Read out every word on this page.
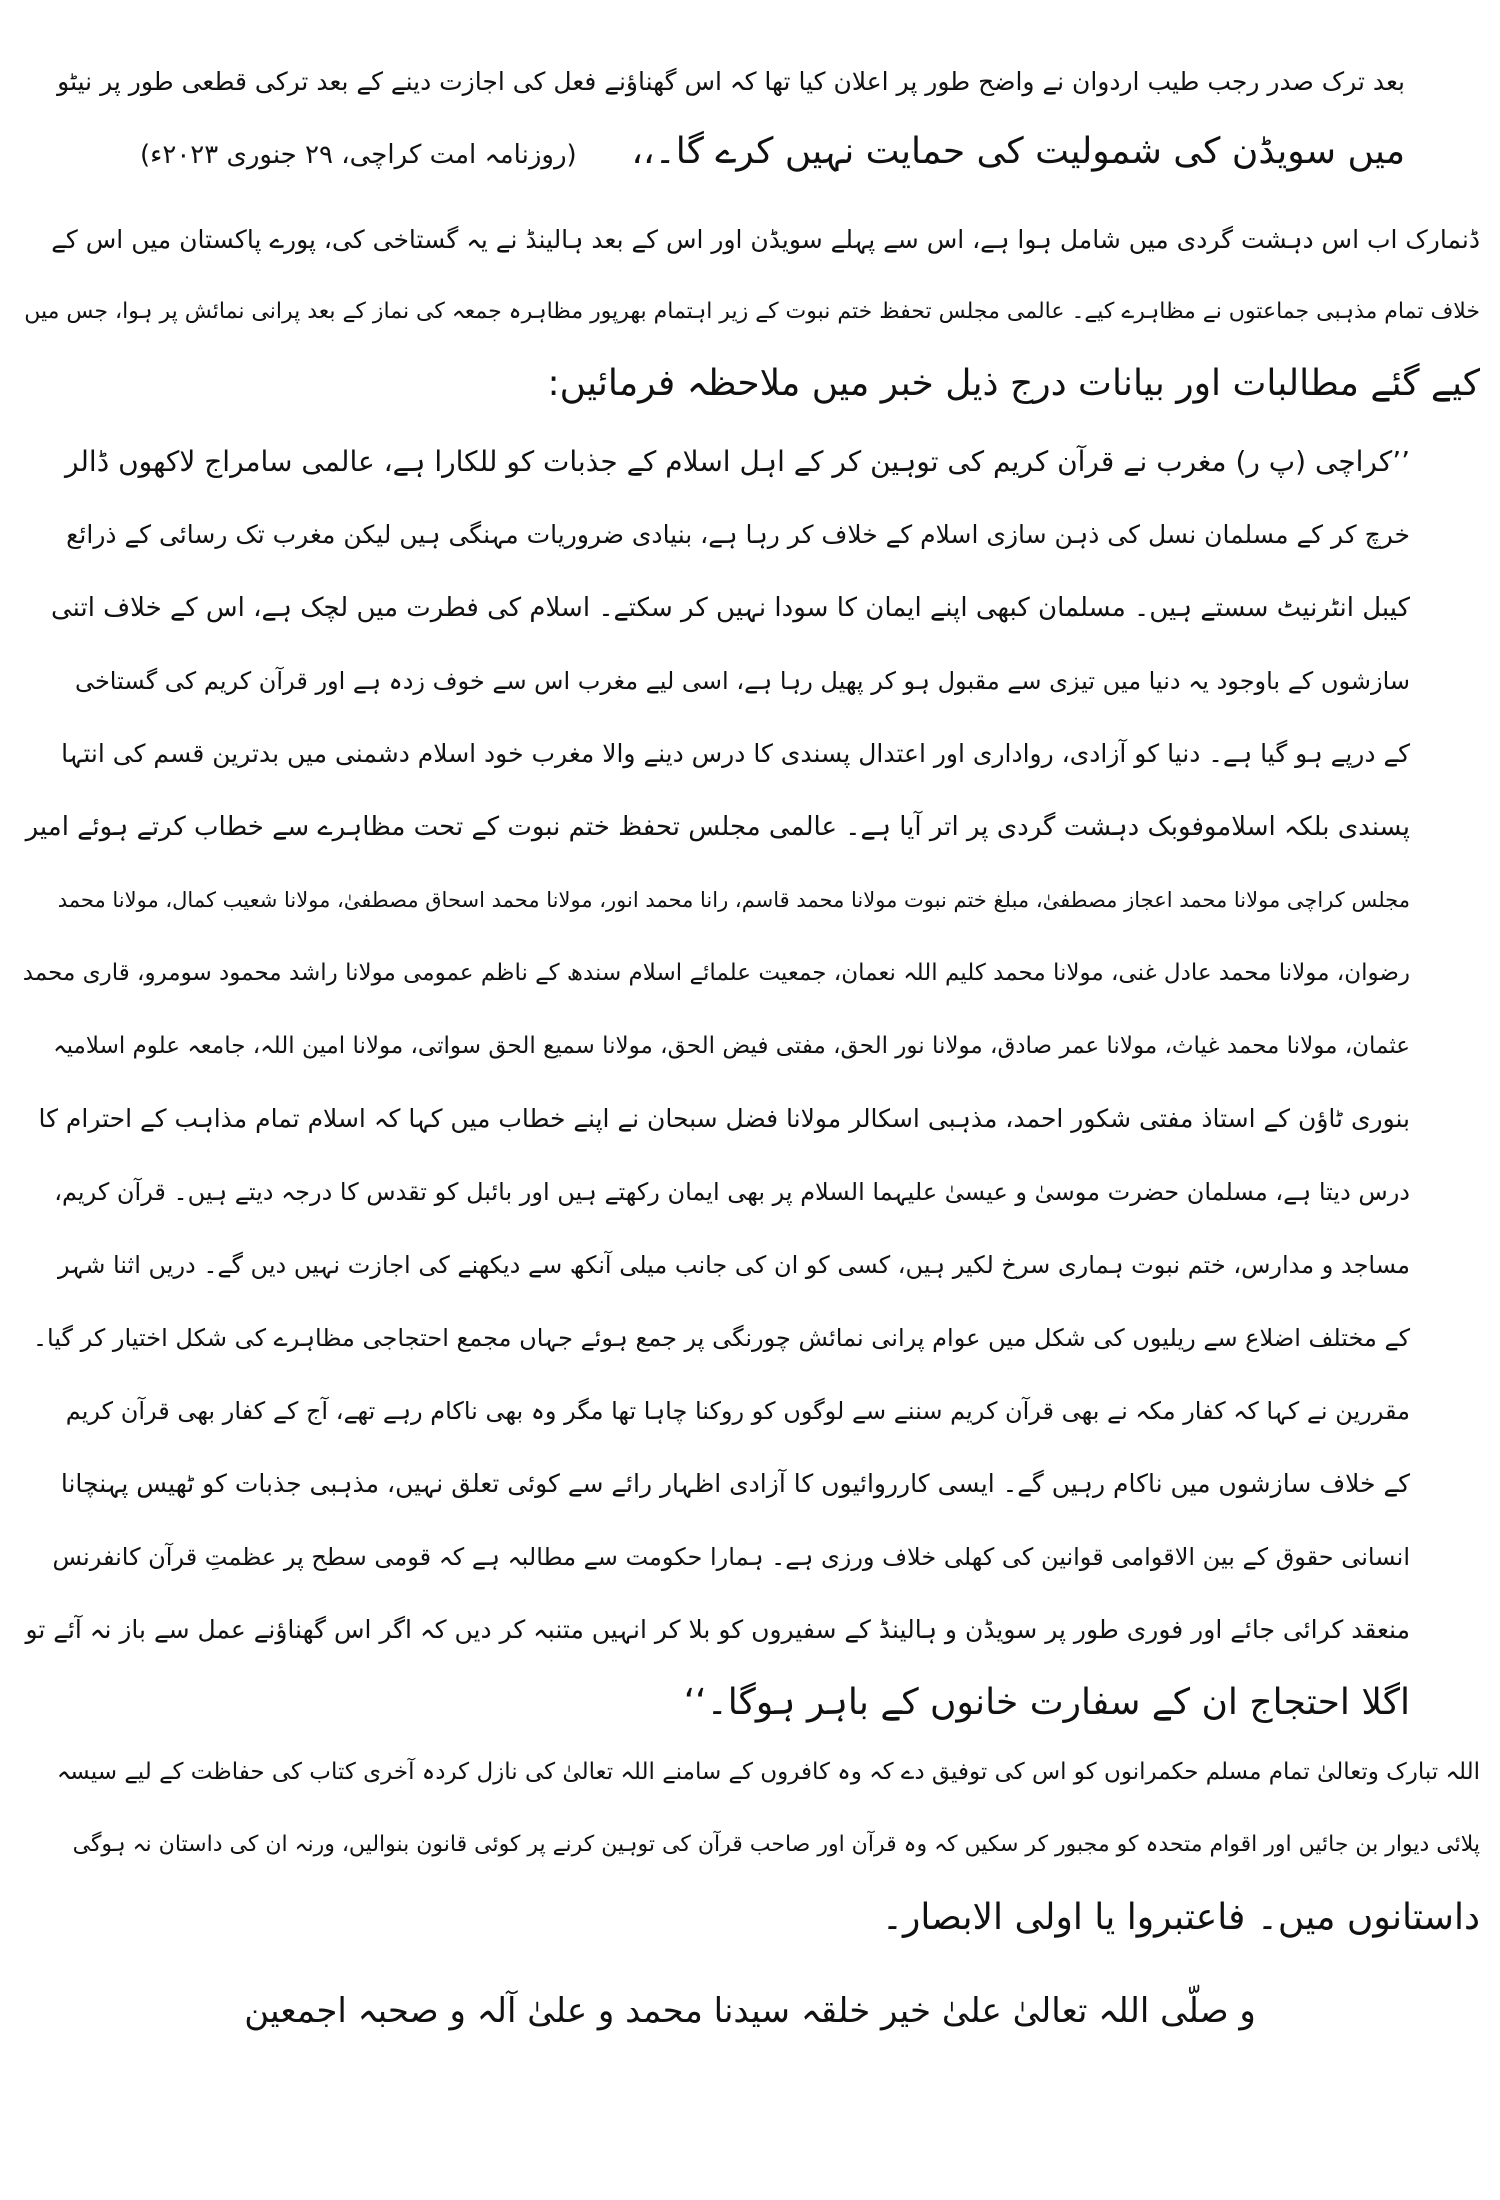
بعد ترک صدر رجب طیب اردوان نے واضح طور پر اعلان کیا تھا کہ اس گھناؤنے فعل کی اجازت دینے کے بعد ترکی قطعی طور پر نیٹو
میں سویڈن کی شمولیت کی حمایت نہیں کرے گا۔،،
(روزنامہ امت کراچی، ۲۹ جنوری ۲۰۲۳ء)
ڈنمارک اب اس دہشت گردی میں شامل ہوا ہے، اس سے پہلے سویڈن اور اس کے بعد ہالینڈ نے یہ گستاخی کی، پورے پاکستان میں اس کے
خلاف تمام مذہبی جماعتوں نے مظاہرے کیے۔ عالمی مجلس تحفظ ختم نبوت کے زیر اہتمام بھرپور مظاہرہ جمعہ کی نماز کے بعد پرانی نمائش پر ہوا، جس میں
کیے گئے مطالبات اور بیانات درج ذیل خبر میں ملاحظہ فرمائیں:
’’کراچی (پ ر) مغرب نے قرآن کریم کی توہین کر کے اہل اسلام کے جذبات کو للکارا ہے، عالمی سامراج لاکھوں ڈالر
خرچ کر کے مسلمان نسل کی ذہن سازی اسلام کے خلاف کر رہا ہے، بنیادی ضروریات مہنگی ہیں لیکن مغرب تک رسائی کے ذرائع
کیبل انٹرنیٹ سستے ہیں۔ مسلمان کبھی اپنے ایمان کا سودا نہیں کر سکتے۔ اسلام کی فطرت میں لچک ہے، اس کے خلاف اتنی
سازشوں کے باوجود یہ دنیا میں تیزی سے مقبول ہو کر پھیل رہا ہے، اسی لیے مغرب اس سے خوف زدہ ہے اور قرآن کریم کی گستاخی
کے درپے ہو گیا ہے۔ دنیا کو آزادی، رواداری اور اعتدال پسندی کا درس دینے والا مغرب خود اسلام دشمنی میں بدترین قسم کی انتہا
پسندی بلکہ اسلاموفوبک دہشت گردی پر اتر آیا ہے۔ عالمی مجلس تحفظ ختم نبوت کے تحت مظاہرے سے خطاب کرتے ہوئے امیر
مجلس کراچی مولانا محمد اعجاز مصطفیٰ، مبلغ ختم نبوت مولانا محمد قاسم، رانا محمد انور، مولانا محمد اسحاق مصطفیٰ، مولانا شعیب کمال، مولانا محمد
رضوان، مولانا محمد عادل غنی، مولانا محمد کلیم اللہ نعمان، جمعیت علمائے اسلام سندھ کے ناظم عمومی مولانا راشد محمود سومرو، قاری محمد
عثمان، مولانا محمد غیاث، مولانا عمر صادق، مولانا نور الحق، مفتی فیض الحق، مولانا سمیع الحق سواتی، مولانا امین اللہ، جامعہ علوم اسلامیہ
بنوری ٹاؤن کے استاذ مفتی شکور احمد، مذہبی اسکالر مولانا فضل سبحان نے اپنے خطاب میں کہا کہ اسلام تمام مذاہب کے احترام کا
درس دیتا ہے، مسلمان حضرت موسیٰ و عیسیٰ علیہما السلام پر بھی ایمان رکھتے ہیں اور بائبل کو تقدس کا درجہ دیتے ہیں۔ قرآن کریم،
مساجد و مدارس، ختم نبوت ہماری سرخ لکیر ہیں، کسی کو ان کی جانب میلی آنکھ سے دیکھنے کی اجازت نہیں دیں گے۔ دریں اثنا شہر
کے مختلف اضلاع سے ریلیوں کی شکل میں عوام پرانی نمائش چورنگی پر جمع ہوئے جہاں مجمع احتجاجی مظاہرے کی شکل اختیار کر گیا۔
مقررین نے کہا کہ کفار مکہ نے بھی قرآن کریم سننے سے لوگوں کو روکنا چاہا تھا مگر وہ بھی ناکام رہے تھے، آج کے کفار بھی قرآن کریم
کے خلاف سازشوں میں ناکام رہیں گے۔ ایسی کارروائیوں کا آزادی اظہار رائے سے کوئی تعلق نہیں، مذہبی جذبات کو ٹھیس پہنچانا
انسانی حقوق کے بین الاقوامی قوانین کی کھلی خلاف ورزی ہے۔ ہمارا حکومت سے مطالبہ ہے کہ قومی سطح پر عظمتِ قرآن کانفرنس
منعقد کرائی جائے اور فوری طور پر سویڈن و ہالینڈ کے سفیروں کو بلا کر انہیں متنبہ کر دیں کہ اگر اس گھناؤنے عمل سے باز نہ آئے تو
اگلا احتجاج ان کے سفارت خانوں کے باہر ہوگا۔‘‘
اللہ تبارک وتعالیٰ تمام مسلم حکمرانوں کو اس کی توفیق دے کہ وہ کافروں کے سامنے اللہ تعالیٰ کی نازل کردہ آخری کتاب کی حفاظت کے لیے سیسہ
پلائی دیوار بن جائیں اور اقوام متحدہ کو مجبور کر سکیں کہ وہ قرآن اور صاحب قرآن کی توہین کرنے پر کوئی قانون بنوالیں، ورنہ ان کی داستان نہ ہوگی
داستانوں میں۔ فاعتبروا یا اولی الابصار۔
و صلّی اللہ تعالیٰ علیٰ خیر خلقہ سیدنا محمد و علیٰ آلہ و صحبہ اجمعین
